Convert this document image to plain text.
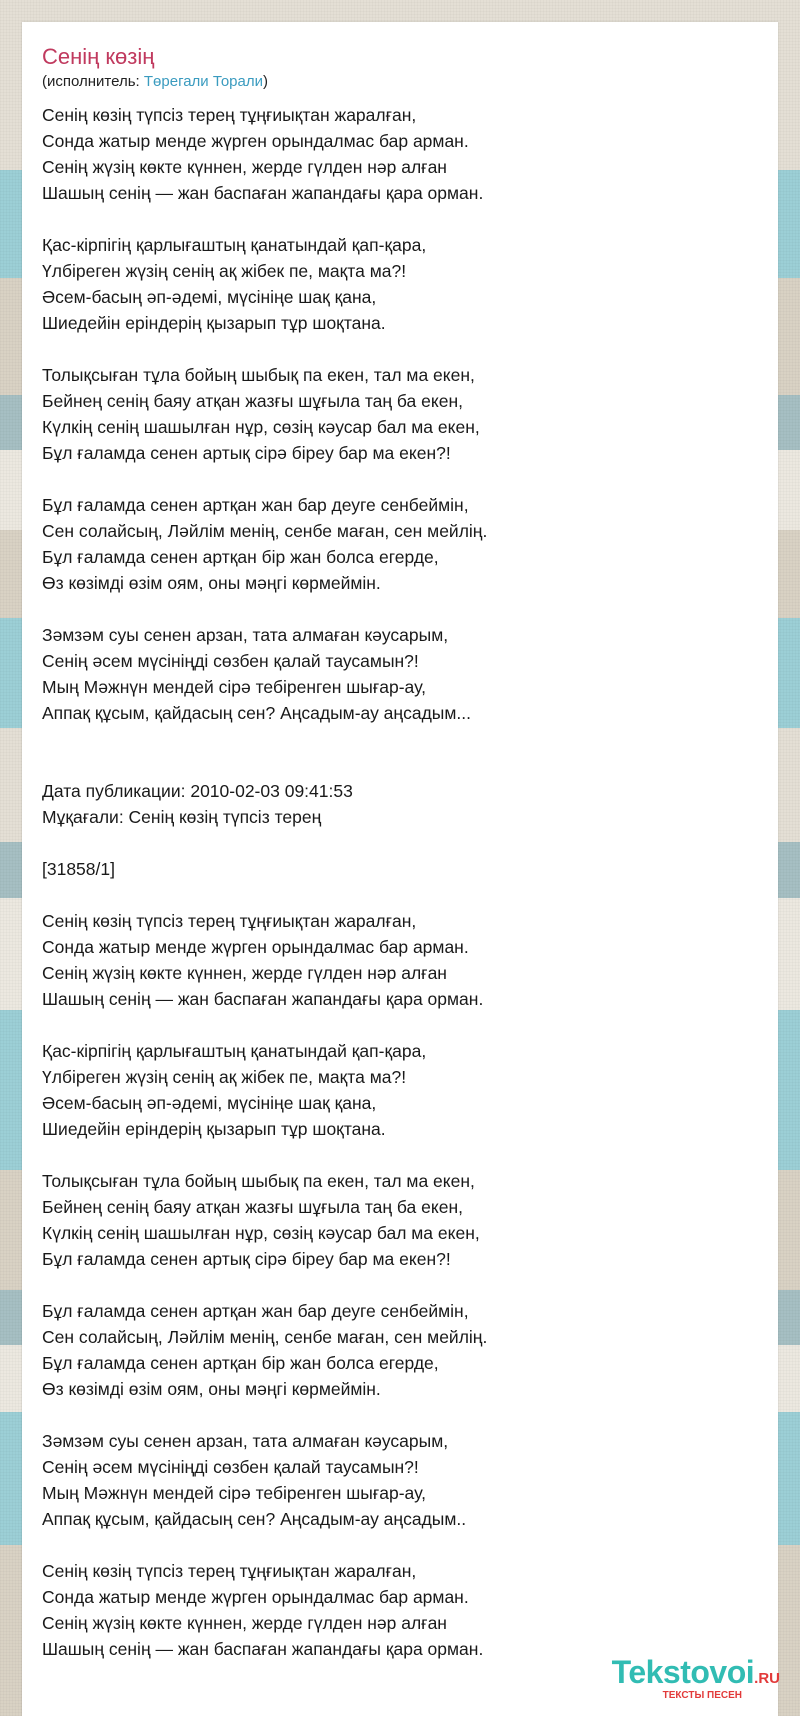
Сенің көзің
(исполнитель: Төрегали Торали)
Сенің көзің түпсіз терең тұңғиықтан жаралған,
Сонда жатыр менде жүрген орындалмас бар арман.
Сенің жүзің көкте күннен, жерде гүлден нәр алған
Шашың сенің — жан баспаған жапандағы қара орман.
Қас-кірпігің қарлығаштың қанатындай қап-қара,
Үлбіреген жүзің сенің ақ жібек пе, мақта ма?!
Әсем-басың әп-әдемі, мүсініңе шақ қана,
Шиедейін еріндерің қызарып тұр шоқтана.
Толықсыған тұла бойың шыбық па екен, тал ма екен,
Бейнең сенің баяу атқан жазғы шұғыла таң ба екен,
Күлкің сенің шашылған нұр, сөзің кәусар бал ма екен,
Бұл ғаламда сенен артық сірә біреу бар ма екен?!
Бұл ғаламда сенен артқан жан бар деуге сенбеймін,
Сен солайсың, Ләйлім менің, сенбе маған, сен мейлің.
Бұл ғаламда сенен артқан бір жан болса егерде,
Өз көзімді өзім оям, оны мәңгі көрмеймін.
Зәмзәм суы сенен арзан, тата алмаған кәусарым,
Сенің әсем мүсініңді сөзбен қалай таусамын?!
Мың Мәжнүн мендей сірә тебіренген шығар-ау,
Аппақ құсым, қайдасың сен? Аңсадым-ау аңсадым...
Дата публикации: 2010-02-03 09:41:53
Мұқағали: Сенің көзің түпсіз терең
[31858/1]
Сенің көзің түпсіз терең тұңғиықтан жаралған,
Сонда жатыр менде жүрген орындалмас бар арман.
Сенің жүзің көкте күннен, жерде гүлден нәр алған
Шашың сенің — жан баспаған жапандағы қара орман.
Қас-кірпігің қарлығаштың қанатындай қап-қара,
Үлбіреген жүзің сенің ақ жібек пе, мақта ма?!
Әсем-басың әп-әдемі, мүсініңе шақ қана,
Шиедейін еріндерің қызарып тұр шоқтана.
Толықсыған тұла бойың шыбық па екен, тал ма екен,
Бейнең сенің баяу атқан жазғы шұғыла таң ба екен,
Күлкің сенің шашылған нұр, сөзің кәусар бал ма екен,
Бұл ғаламда сенен артық сірә біреу бар ма екен?!
Бұл ғаламда сенен артқан жан бар деуге сенбеймін,
Сен солайсың, Ләйлім менің, сенбе маған, сен мейлің.
Бұл ғаламда сенен артқан бір жан болса егерде,
Өз көзімді өзім оям, оны мәңгі көрмеймін.
Зәмзәм суы сенен арзан, тата алмаған кәусарым,
Сенің әсем мүсініңді сөзбен қалай таусамын?!
Мың Мәжнүн мендей сірә тебіренген шығар-ау,
Аппақ құсым, қайдасың сен? Аңсадым-ау аңсадым..
Сенің көзің түпсіз терең тұңғиықтан жаралған,
Сонда жатыр менде жүрген орындалмас бар арман.
Сенің жүзің көкте күннен, жерде гүлден нәр алған
Шашың сенің — жан баспаған жапандағы қара орман.
Tekstovoi.RU
ТЕКСТЫ ПЕСЕН
